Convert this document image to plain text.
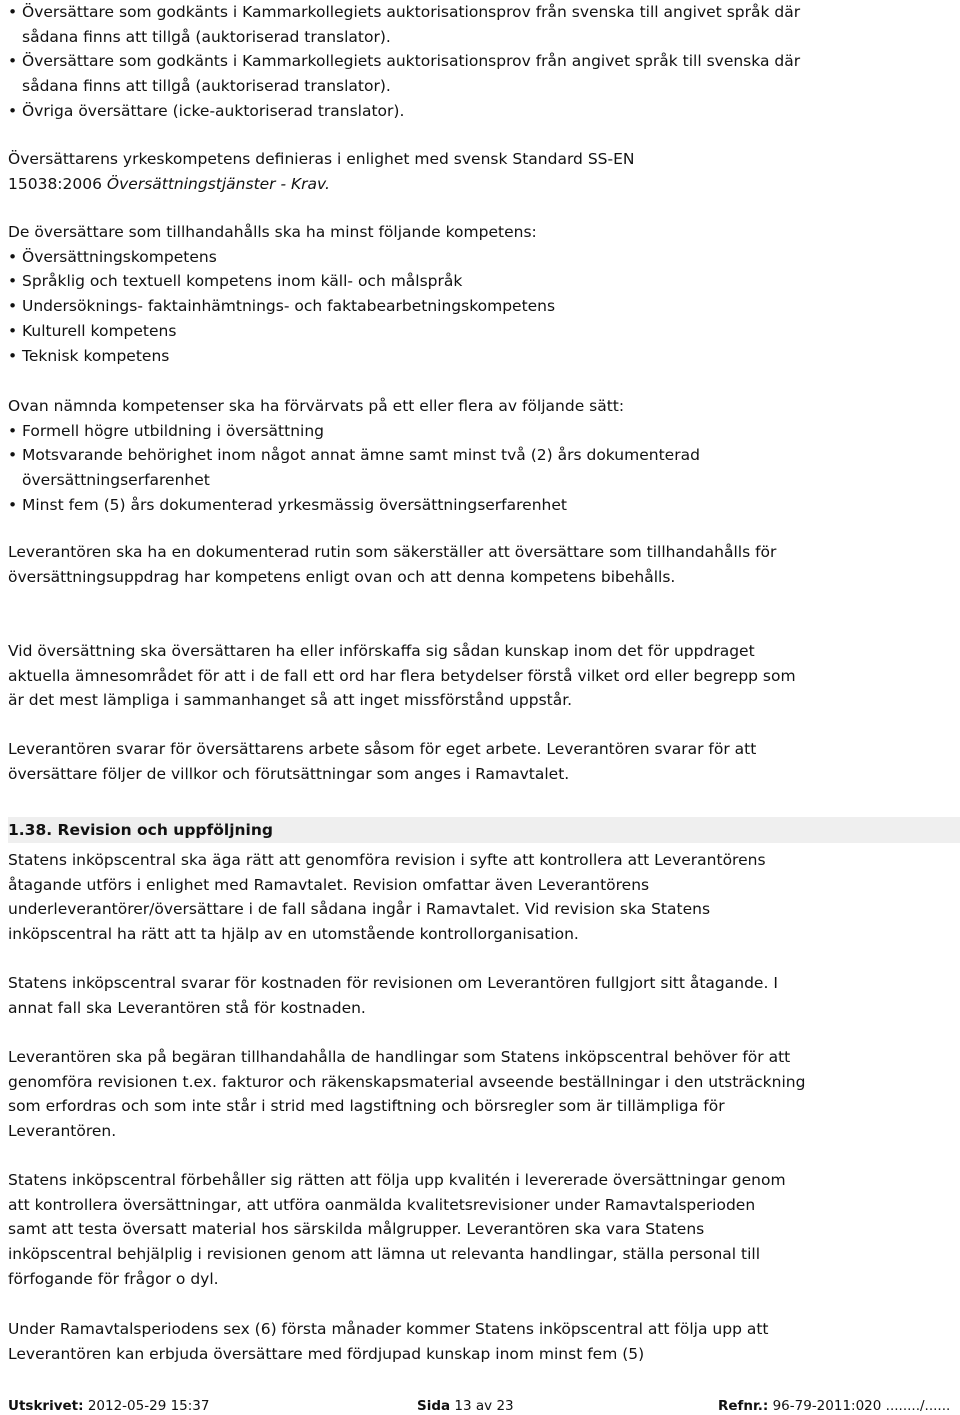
• Översättare som godkänts i Kammarkollegiets auktorisationsprov från svenska till angivet språk där sådana finns att tillgå (auktoriserad translator).
• Översättare som godkänts i Kammarkollegiets auktorisationsprov från angivet språk till svenska där sådana finns att tillgå (auktoriserad translator).
• Övriga översättare (icke-auktoriserad translator).

Översättarens yrkeskompetens definieras i enlighet med svensk Standard SS-EN 15038:2006 Översättningstjänster - Krav.

De översättare som tillhandahålls ska ha minst följande kompetens:

• Översättningskompetens
• Språklig och textuell kompetens inom käll- och målspråk
• Undersöknings- faktainhämtnings- och faktabearbetningskompetens
• Kulturell kompetens
• Teknisk kompetens

Ovan nämnda kompetenser ska ha förvärvats på ett eller flera av följande sätt:

• Formell högre utbildning i översättning
• Motsvarande behörighet inom något annat ämne samt minst två (2) års dokumenterad översättningserfarenhet
• Minst fem (5) års dokumenterad yrkesmässig översättningserfarenhet

Leverantören ska ha en dokumenterad rutin som säkerställer att översättare som tillhandahålls för översättningsuppdrag har kompetens enligt ovan och att denna kompetens bibehålls.

Vid översättning ska översättaren ha eller införskaffa sig sådan kunskap inom det för uppdraget aktuella ämnesområdet för att i de fall ett ord har flera betydelser förstå vilket ord eller begrepp som är det mest lämpliga i sammanhanget så att inget missförstånd uppstår.

Leverantören svarar för översättarens arbete såsom för eget arbete. Leverantören svarar för att översättare följer de villkor och förutsättningar som anges i Ramavtalet.

1.38. Revision och uppföljning

Statens inköpscentral ska äga rätt att genomföra revision i syfte att kontrollera att Leverantörens åtagande utförs i enlighet med Ramavtalet. Revision omfattar även Leverantörens underleverantörer/översättare i de fall sådana ingår i Ramavtalet. Vid revision ska Statens inköpscentral ha rätt att ta hjälp av en utomstående kontrollorganisation.

Statens inköpscentral svarar för kostnaden för revisionen om Leverantören fullgjort sitt åtagande. I annat fall ska Leverantören stå för kostnaden.

Leverantören ska på begäran tillhandahålla de handlingar som Statens inköpscentral behöver för att genomföra revisionen t.ex. fakturor och räkenskapsmaterial avseende beställningar i den utsträckning som erfordras och som inte står i strid med lagstiftning och börsregler som är tillämpliga för Leverantören.

Statens inköpscentral förbehåller sig rätten att följa upp kvalitén i levererade översättningar genom att kontrollera översättningar, att utföra oanmälda kvalitetsrevisioner under Ramavtalsperioden samt att testa översatt material hos särskilda målgrupper. Leverantören ska vara Statens inköpscentral behjälplig i revisionen genom att lämna ut relevanta handlingar, ställa personal till förfogande för frågor o dyl.

Under Ramavtalsperiodens sex (6) första månader kommer Statens inköpscentral att följa upp att Leverantören kan erbjuda översättare med fördjupad kunskap inom minst fem (5)

Utskrivet: 2012-05-29 15:37	Sida 13 av 23	Refnr.: 96-79-2011:020 ......../......
